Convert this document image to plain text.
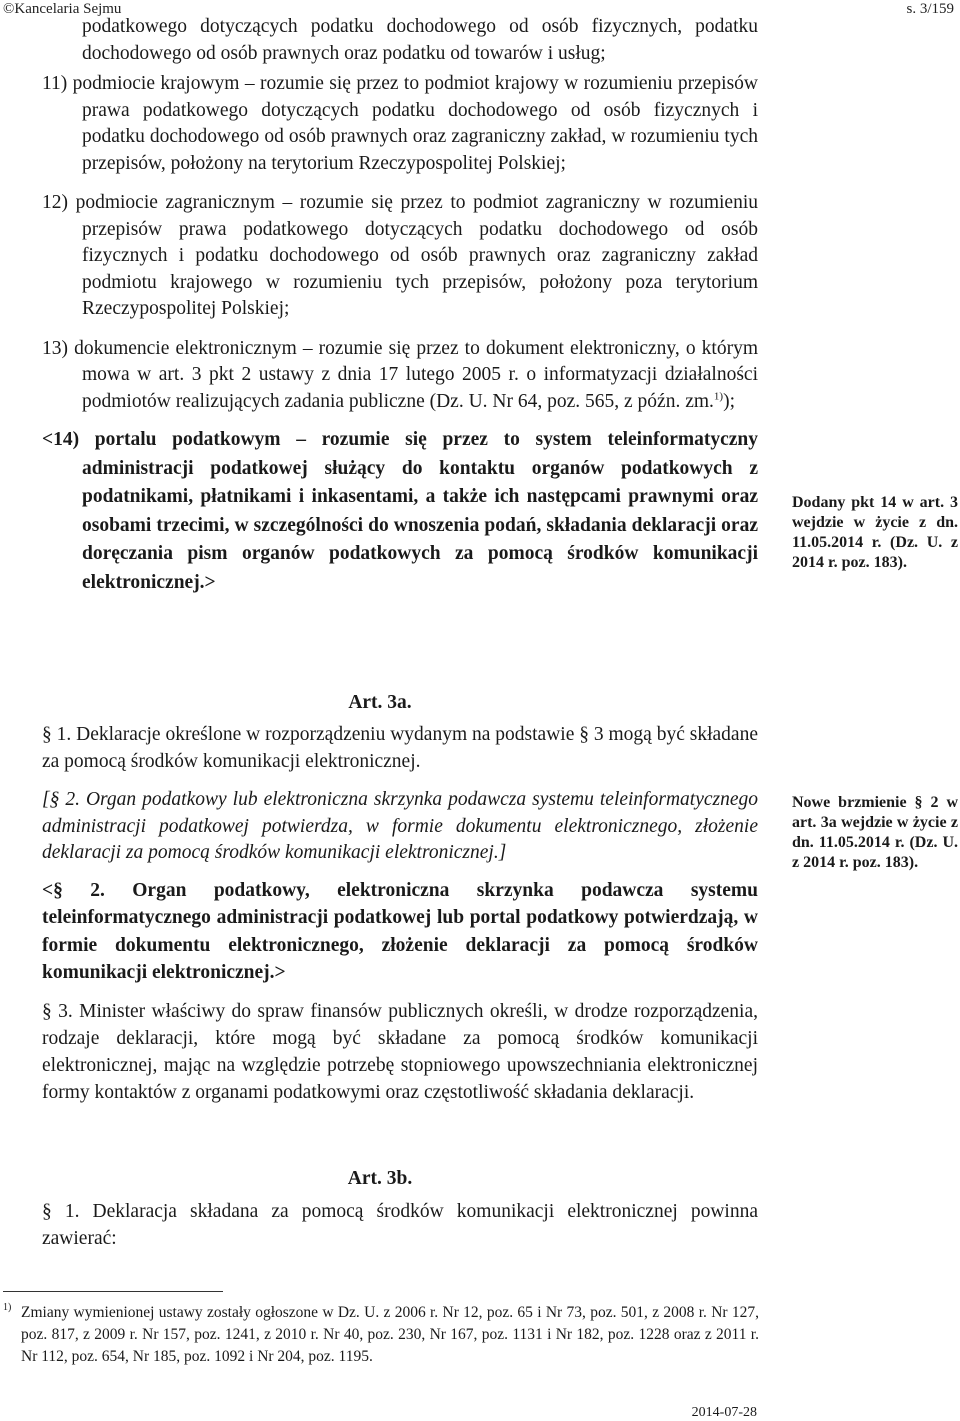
©Kancelaria Sejmu	s. 3/159

podatkowego dotyczących podatku dochodowego od osób fizycznych, podatku dochodowego od osób prawnych oraz podatku od towarów i usług;

11) podmiocie krajowym – rozumie się przez to podmiot krajowy w rozumieniu przepisów prawa podatkowego dotyczących podatku dochodowego od osób fizycznych i podatku dochodowego od osób prawnych oraz zagraniczny zakład, w rozumieniu tych przepisów, położony na terytorium Rzeczypospolitej Polskiej;

12) podmiocie zagranicznym – rozumie się przez to podmiot zagraniczny w rozumieniu przepisów prawa podatkowego dotyczących podatku dochodowego od osób fizycznych i podatku dochodowego od osób prawnych oraz zagraniczny zakład podmiotu krajowego w rozumieniu tych przepisów, położony poza terytorium Rzeczypospolitej Polskiej;

13) dokumencie elektronicznym – rozumie się przez to dokument elektroniczny, o którym mowa w art. 3 pkt 2 ustawy z dnia 17 lutego 2005 r. o informatyzacji działalności podmiotów realizujących zadania publiczne (Dz. U. Nr 64, poz. 565, z późn. zm.$^{1)}$);

<14) portalu podatkowym – rozumie się przez to system teleinformatyczny administracji podatkowej służący do kontaktu organów podatkowych z podatnikami, płatnikami i inkasentami, a także ich następcami prawnymi oraz osobami trzecimi, w szczególności do wnoszenia podań, składania deklaracji oraz doręczania pism organów podatkowych za pomocą środków komunikacji elektronicznej.>

Dodany pkt 14 w art. 3 wejdzie w życie z dn. 11.05.2014 r. (Dz. U. z 2014 r. poz. 183).
Art. 3a.

§ 1. Deklaracje określone w rozporządzeniu wydanym na podstawie § 3 mogą być składane za pomocą środków komunikacji elektronicznej.

[§ 2. Organ podatkowy lub elektroniczna skrzynka podawcza systemu teleinformatycznego administracji podatkowej potwierdza, w formie dokumentu elektronicznego, złożenie deklaracji za pomocą środków komunikacji elektronicznej.]

<§ 2. Organ podatkowy, elektroniczna skrzynka podawcza systemu teleinformatycznego administracji podatkowej lub portal podatkowy potwierdzają, w formie dokumentu elektronicznego, złożenie deklaracji za pomocą środków komunikacji elektronicznej.>

§ 3. Minister właściwy do spraw finansów publicznych określi, w drodze rozporządzenia, rodzaje deklaracji, które mogą być składane za pomocą środków komunikacji elektronicznej, mając na względzie potrzebę stopniowego upowszechniania elektronicznej formy kontaktów z organami podatkowymi oraz częstotliwość składania deklaracji.

Nowe brzmienie § 2 w art. 3a wejdzie w życie z dn. 11.05.2014 r. (Dz. U. z 2014 r. poz. 183).
Art. 3b.

§ 1. Deklaracja składana za pomocą środków komunikacji elektronicznej powinna zawierać:

1) Zmiany wymienionej ustawy zostały ogłoszone w Dz. U. z 2006 r. Nr 12, poz. 65 i Nr 73, poz. 501, z 2008 r. Nr 127, poz. 817, z 2009 r. Nr 157, poz. 1241, z 2010 r. Nr 40, poz. 230, Nr 167, poz. 1131 i Nr 182, poz. 1228 oraz z 2011 r. Nr 112, poz. 654, Nr 185, poz. 1092 i Nr 204, poz. 1195.
2014-07-28
